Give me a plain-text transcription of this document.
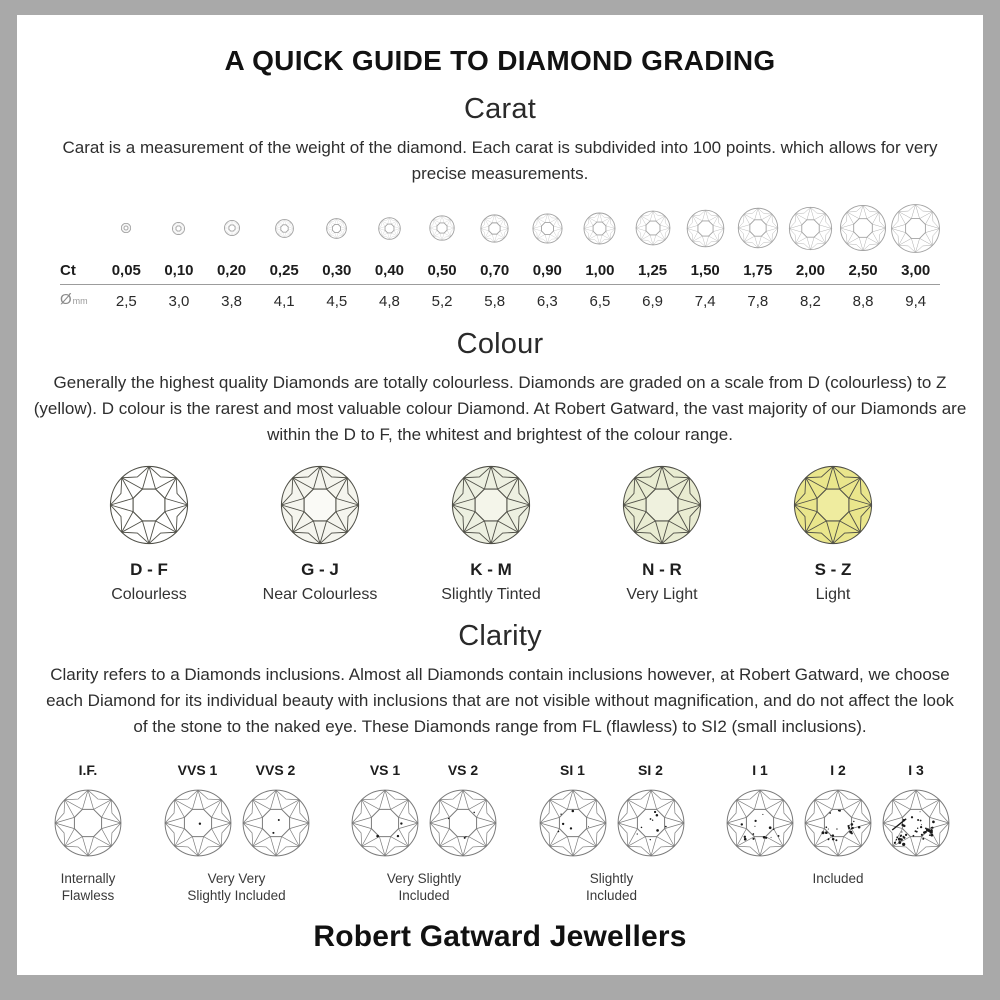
A QUICK GUIDE TO DIAMOND GRADING
Carat

Carat is a measurement of the weight of the diamond. Each carat is subdivided into 100 points. which allows for very precise measurements.

Ct	0,05	0,10	0,20	0,25	0,30	0,40	0,50	0,70	0,90	1,00	1,25	1,50	1,75	2,00	2,50	3,00
Ømm	2,5	3,0	3,8	4,1	4,5	4,8	5,2	5,8	6,3	6,5	6,9	7,4	7,8	8,2	8,8	9,4
Colour

Generally the highest quality Diamonds are totally colourless. Diamonds are graded on a scale from D (colourless) to Z (yellow). D colour is the rarest and most valuable colour Diamond. At Robert Gatward, the vast majority of our Diamonds are within the D to F, the whitest and brightest of the colour range.

D - F
Colourless
G - J
Near Colourless
K - M
Slightly Tinted
N - R
Very Light
S - Z
Light
Clarity

Clarity refers to a Diamonds inclusions. Almost all Diamonds contain inclusions however, at Robert Gatward, we choose each Diamond for its individual beauty with inclusions that are not visible without magnification, and do not affect the look of the stone to the naked eye. These Diamonds range from FL (flawless) to SI2 (small inclusions).

I.F.
Internally
Flawless
VVS 1	VVS 2
Very Very
Slightly Included
VS 1	VS 2
Very Slightly
Included
SI 1	SI 2
Slightly
Included
I 1	I 2	I 3
Included
Robert Gatward Jewellers
